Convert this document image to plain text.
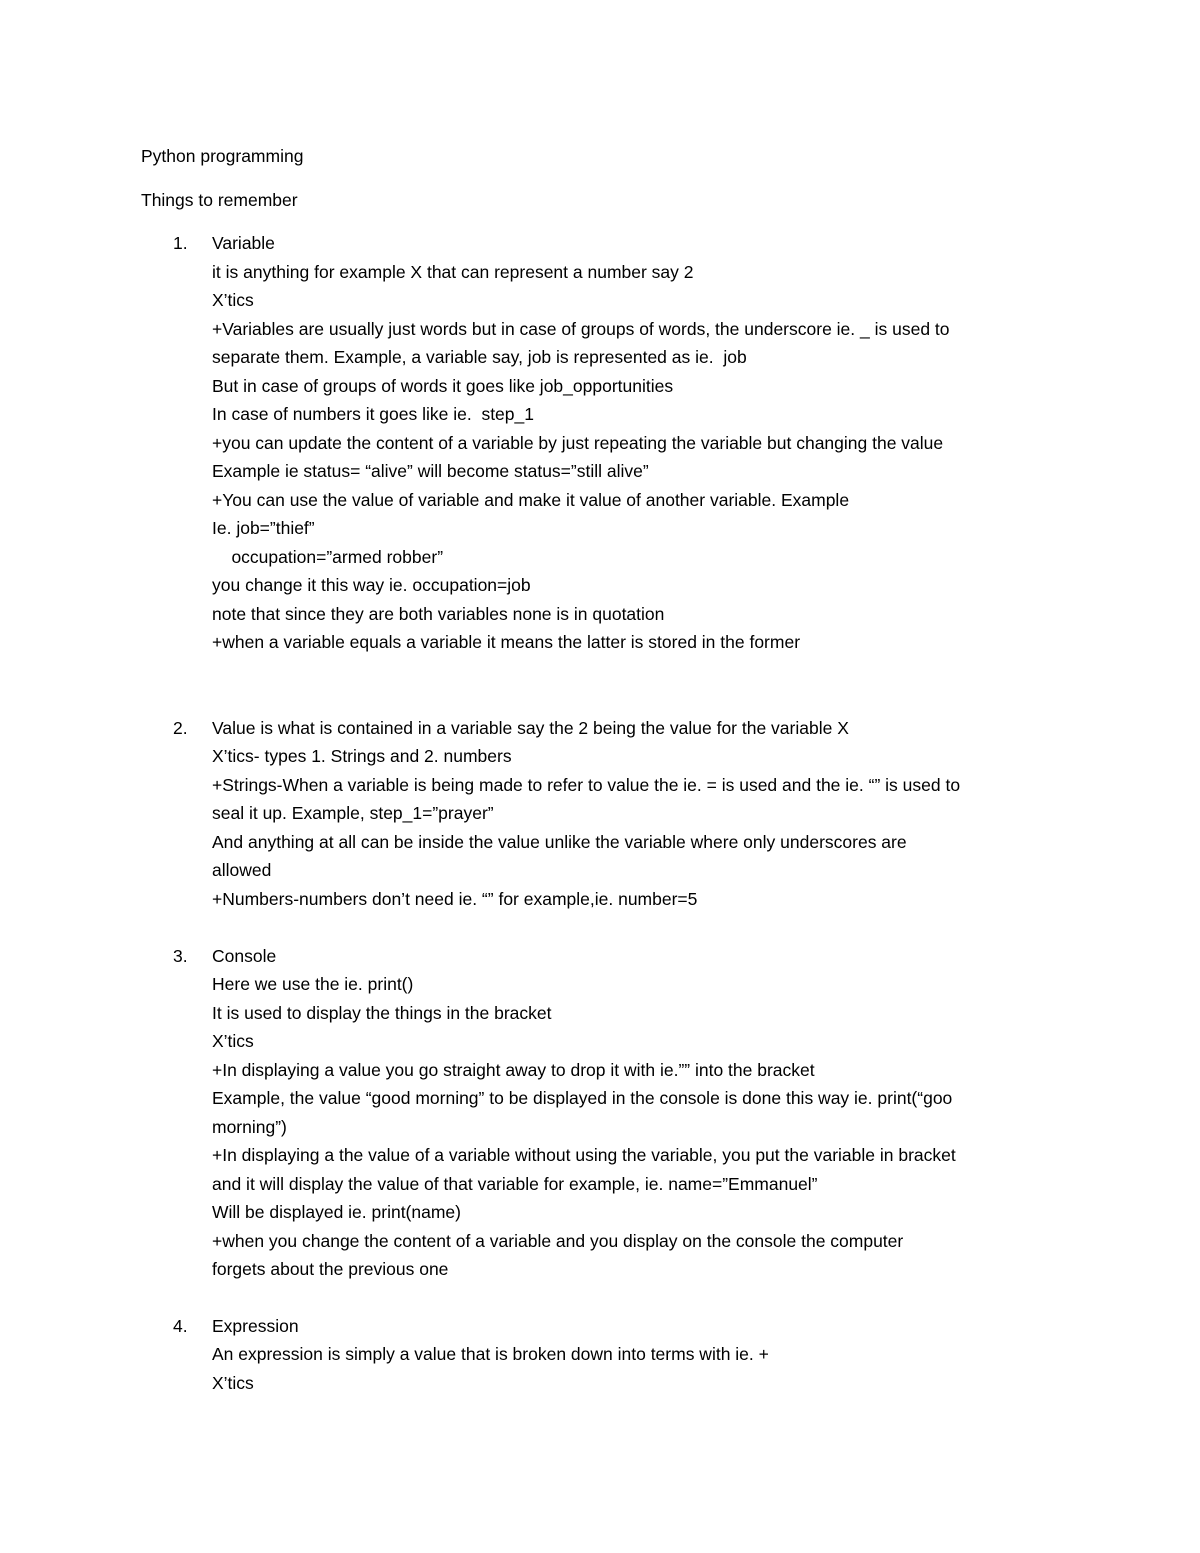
Python programming
Things to remember
1. Variable
it is anything for example X that can represent a number say 2
X’tics
+Variables are usually just words but in case of groups of words, the underscore ie. _ is used to
separate them. Example, a variable say, job is represented as ie.  job
But in case of groups of words it goes like job_opportunities
In case of numbers it goes like ie.  step_1
+you can update the content of a variable by just repeating the variable but changing the value
Example ie status= “alive” will become status=”still alive”
+You can use the value of variable and make it value of another variable. Example
Ie. job=”thief”
occupation=”armed robber”
you change it this way ie. occupation=job
note that since they are both variables none is in quotation
+when a variable equals a variable it means the latter is stored in the former
2. Value is what is contained in a variable say the 2 being the value for the variable X
X’tics- types 1. Strings and 2. numbers
+Strings-When a variable is being made to refer to value the ie. = is used and the ie. “” is used to
seal it up. Example, step_1=”prayer”
And anything at all can be inside the value unlike the variable where only underscores are
allowed
+Numbers-numbers don’t need ie. “” for example,ie. number=5
3. Console
Here we use the ie. print()
It is used to display the things in the bracket
X’tics
+In displaying a value you go straight away to drop it with ie.”” into the bracket
Example, the value “good morning” to be displayed in the console is done this way ie. print(“goo
morning”)
+In displaying a the value of a variable without using the variable, you put the variable in bracket
and it will display the value of that variable for example, ie. name=”Emmanuel”
Will be displayed ie. print(name)
+when you change the content of a variable and you display on the console the computer
forgets about the previous one
4. Expression
An expression is simply a value that is broken down into terms with ie. +
X’tics
